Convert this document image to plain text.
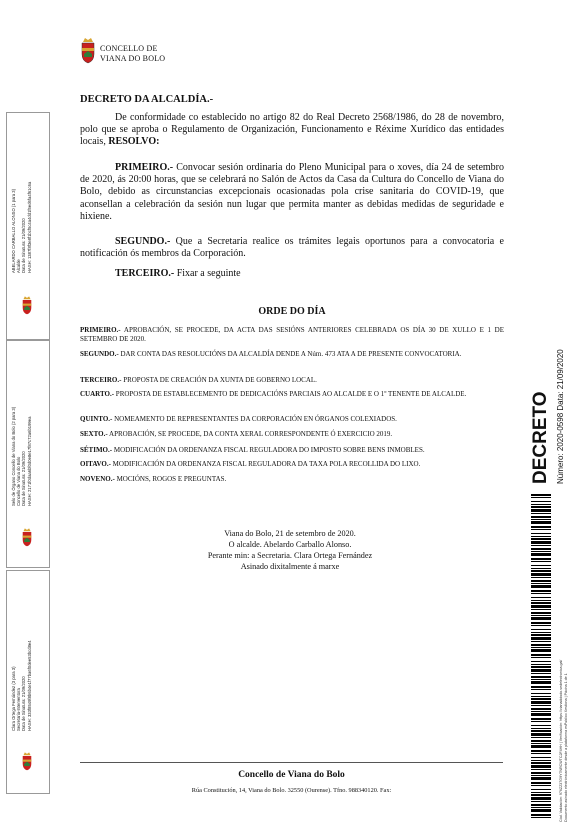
CONCELLO DE
VIANA DO BOLO
DECRETO DA ALCALDÍA.-
De conformidade co establecido no artigo 82 do Real Decreto 2568/1986, do 28 de novembro, polo que se aproba o Regulamento de Organización, Funcionamento e Réxime Xurídico das entidades locais, RESOLVO:
PRIMEIRO.- Convocar sesión ordinaria do Pleno Municipal para o xoves, día 24 de setembro de 2020, ás 20:00 horas, que se celebrará no Salón de Actos da Casa da Cultura do Concello de Viana do Bolo, debido as circunstancias excepcionais ocasionadas pola crise sanitaria do COVID-19, que aconsellan a celebración da sesión nun lugar que permita manter as debidas medidas de seguridade e hixiene.
SEGUNDO.- Que a Secretaria realice os trámites legais oportunos para a convocatoria e notificación ós membros da Corporación.
TERCEIRO.- Fixar a seguinte
ORDE DO DÍA
PRIMEIRO.- APROBACIÓN, SE PROCEDE, DA ACTA DAS SESIÓNS ANTERIORES CELEBRADA OS DÍA 30 DE XULLO E 1 DE SETEMBRO DE 2020.
SEGUNDO.- DAR CONTA DAS RESOLUCIÓNS DA ALCALDÍA DENDE A Núm. 473 ATA A DE PRESENTE CONVOCATORIA.
TERCEIRO.- PROPOSTA DE CREACIÓN DA XUNTA DE GOBERNO LOCAL.
CUARTO.- PROPOSTA DE ESTABLECEMENTO DE DEDICACIÓNS PARCIAIS AO ALCALDE E O 1º TENENTE DE ALCALDE.
QUINTO.- NOMEAMENTO DE REPRESENTANTES DA CORPORACIÓN EN ÓRGANOS COLEXIADOS.
SEXTO.- APROBACIÓN, SE PROCEDE, DA CONTA XERAL CORRESPONDENTE Ó EXERCICIO 2019.
SÉTIMO.- MODIFICACIÓN DA ORDENANZA FISCAL REGULADORA DO IMPOSTO SOBRE BENS INMOBLES.
OITAVO.- MODIFICACIÓN DA ORDENANZA FISCAL REGULADORA DA TAXA POLA RECOLLIDA DO LIXO.
NOVENO.- MOCIÓNS, ROGOS E PREGUNTAS.
Viana do Bolo, 21 de setembro de 2020.
O alcalde. Abelardo Carballo Alonso.
Perante min: a Secretaria. Clara Ortega Fernández
Asinado dixitalmente á marxe
Concello de Viana do Bolo
Rúa Constitución, 14, Viana do Bolo. 32550 (Ourense). Tfno. 988340120. Fax:
ABELARDO CARBALLO ALONSO (1 para 3) Alcalde Data de Sinatura: 21/09/2020 HASH: 1387f8f3e8f1bcf5c4a4dd1f5ed6fa4f61c6a
Selo de Órgano Concello de Viana do Bolo (2 para 3) Concello de Viana do Bolo Data de Sinatura: 21/09/2020 HASH: 2171f0daa6bf0d0e8e17f87c72a6b199ea
Clara Ortega Fernández (3 para 3) Secretaria-Interventora Data de Sinatura: 21/09/2020 HASH: 333f8549f8b6b4e1f77ba6f0dee53bcd8e4
DECRETO Número: 2020-0598 Data: 21/09/2020
Cód. Validación: 976ZZ37G9Y7NRCWTC2F4HH | Verificación: https://vianadobolo.sedelectronica.gal/ Documento asinado electrónicamente desde a plataforma esPublico Xestiona | Páxina 1 de 1
